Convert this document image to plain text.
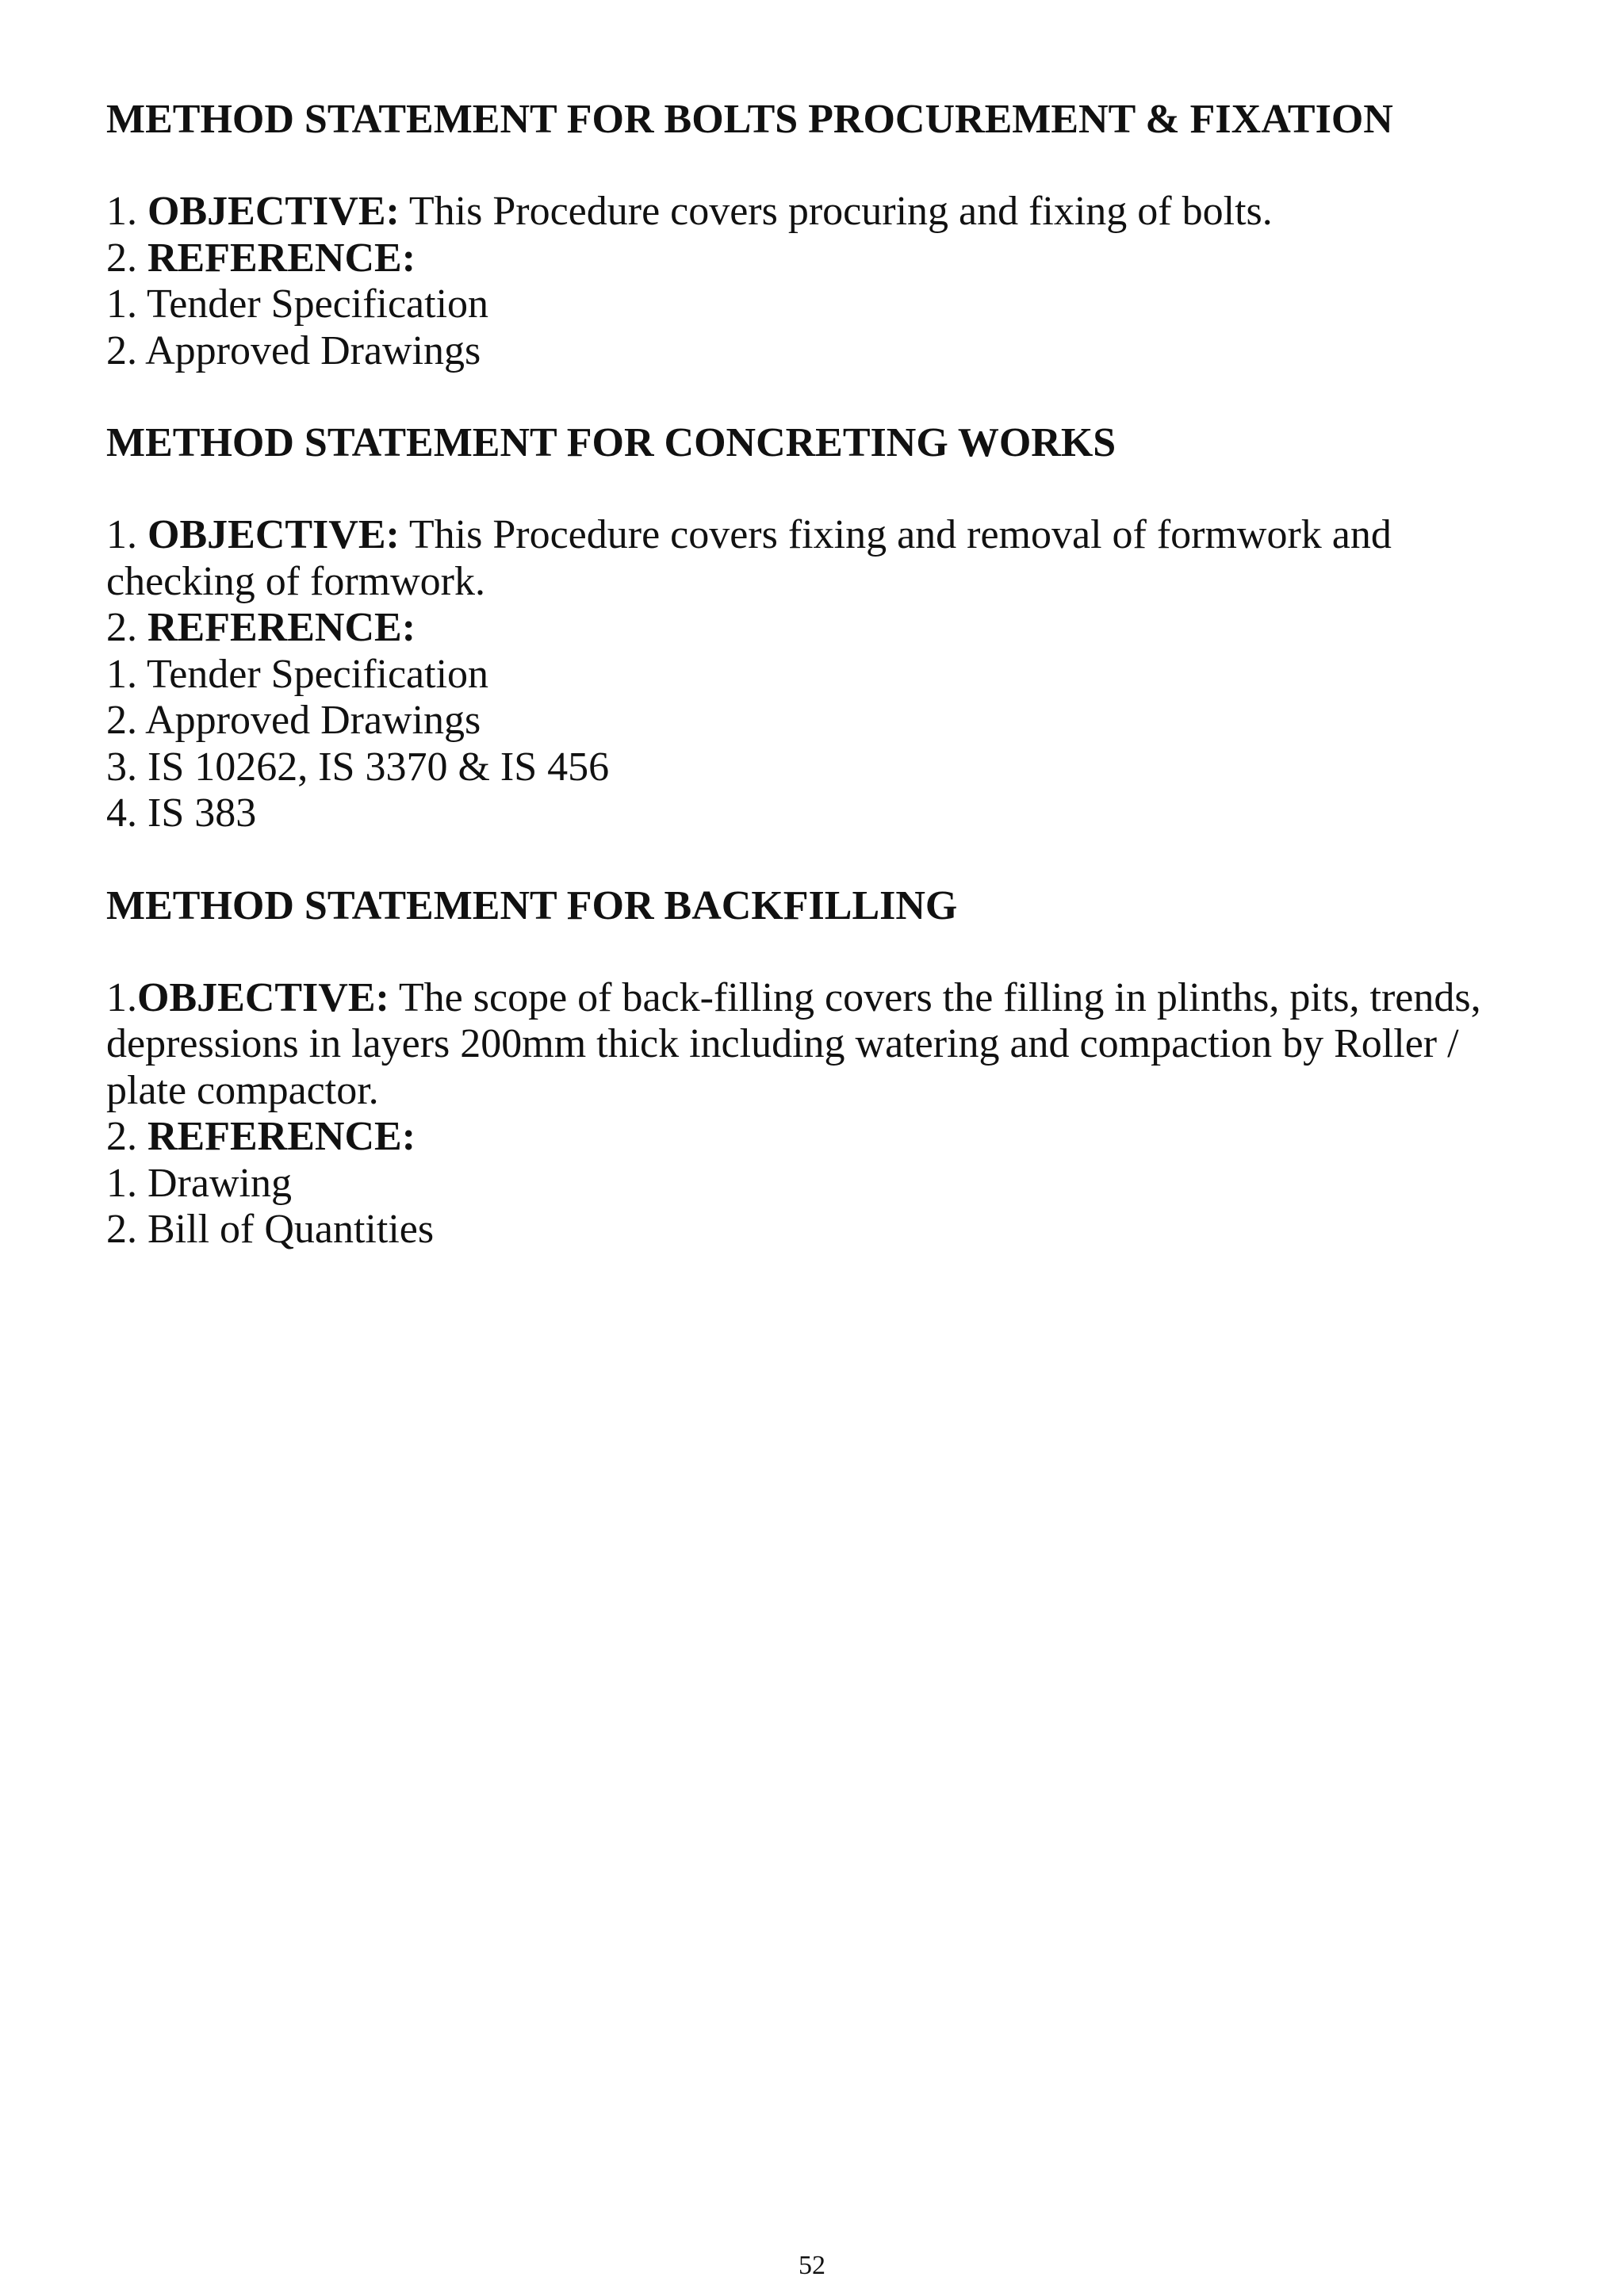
METHOD STATEMENT FOR BOLTS PROCUREMENT & FIXATION

1. OBJECTIVE: This Procedure covers procuring and fixing of bolts.

2. REFERENCE:

1. Tender Specification

2. Approved Drawings

METHOD STATEMENT FOR CONCRETING WORKS

1. OBJECTIVE: This Procedure covers fixing and removal of formwork and checking of formwork.

2. REFERENCE:

1. Tender Specification

2. Approved Drawings

3. IS 10262, IS 3370 & IS 456

4. IS 383

METHOD STATEMENT FOR BACKFILLING

1.OBJECTIVE: The scope of back-filling covers the filling in plinths, pits, trends, depressions in layers 200mm thick including watering and compaction by Roller / plate compactor.

2. REFERENCE:

1. Drawing

2. Bill of Quantities

52
